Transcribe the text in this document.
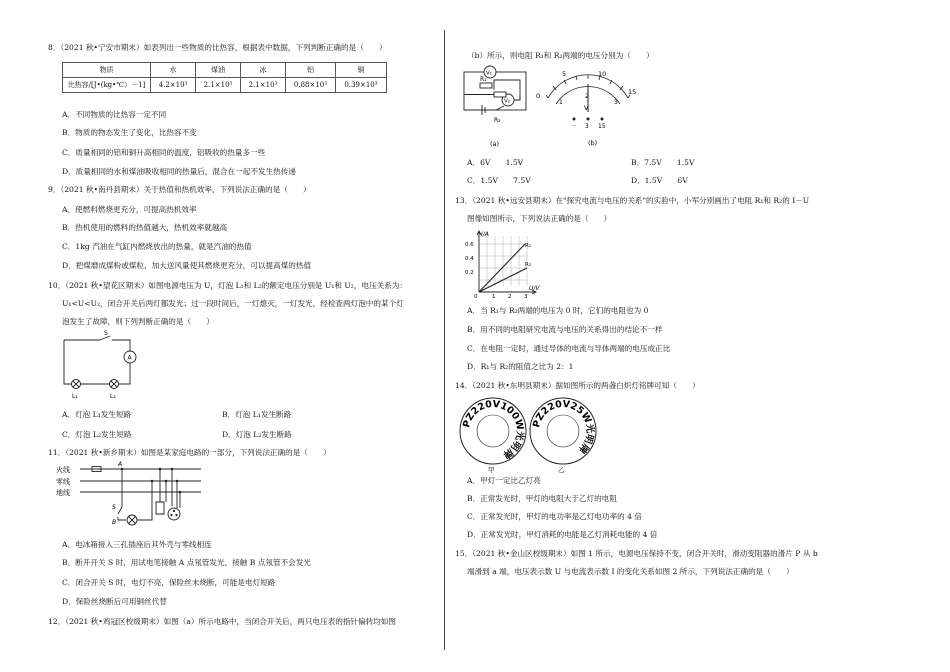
8．（2021 秋•宁安市期末）如表列出一些物质的比热容，根据表中数据，下列判断正确的是（　　）
物质	水	煤油	冰	铝	铜
比热容/[J•(kg•℃）－1]	4.2×10³	2.1×10³	2.1×10³	0.88×10³	0.39×10³
A．不同物质的比热容一定不同
B．物质的物态发生了变化，比热容不变
C．质量相同的铝和铜升高相同的温度，铝吸收的热量多一些
D．质量相同的水和煤油吸收相同的热量后，混合在一起不发生热传递
9．（2021 秋•南丹县期末）关于热值和热机效率，下列说法正确的是（　　）
A．使燃料燃烧更充分，可提高热机效率
B．热机使用的燃料的热值越大，热机效率就越高
C．1kg 汽油在气缸内燃烧放出的热量，就是汽油的热值
D．把煤磨成煤粉或煤粒，加大送风量使其燃烧更充分，可以提高煤的热值
10．（2021 秋•望花区期末）如图电源电压为 U，灯泡 L₁和 L₂的额定电压分别是 U₁和 U₂，电压关系为：
U₁<U<U₂，闭合开关后两灯都发光；过一段时间后，一灯熄灭，一灯发光，经检查两灯泡中的某个灯
泡发生了故障，则下列判断正确的是（　　）
S
A
L₁	L₂
A．灯泡 L₁发生短路	B．灯泡 L₁发生断路
C．灯泡 L₂发生短路	D．灯泡 L₂发生断路
11．（2021 秋•新乡期末）如图是某家庭电路的一部分，下列说法正确的是（　　）
火线
零线
地线
A
S
B
A．电冰箱接入三孔插座后其外壳与零线相连
B．断开开关 S 时，用试电笔接触 A 点氖管发光，接触 B 点氖管不会发光
C．闭合开关 S 时，电灯不亮，保险丝未烧断，可能是电灯短路
D．保险丝烧断后可用铜丝代替
12．（2021 秋•鸡冠区校级期末）如图（a）所示电路中，当闭合开关后，两只电压表的指针偏转均如图
（b）所示，则电阻 R₁和 R₂两端的电压分别为（　　）
V₁
V₂
R₁
R₂
(a)
5	10
0	15
1
2
3
V
－ 3 15
(b)
A．6V　　1.5V	B．7.5V　　1.5V
C．1.5V　　7.5V	D．1.5V　　6V
13．（2021 秋•远安县期末）在"探究电流与电压的关系"的实验中，小军分别画出了电阻 R₁和 R₂的 I－U
图像如图所示，下列说法正确的是（　　）
I/A
U/V
0.6
0.4
0.2
0	1 2 3
R₁
R₂
A．当 R₁与 R₂两端的电压为 0 时，它们的电阻也为 0
B．用不同的电阻研究电流与电压的关系得出的结论不一样
C．在电阻一定时，通过导体的电流与导体两端的电压成正比
D．R₁与 R₂的阻值之比为 2：1
14．（2021 秋•东明县期末）据如图所示的两盏白炽灯铭牌可知（　　）
PZ220V100W光明牌
PZ220V25W光明牌
甲	乙
A．甲灯一定比乙灯亮
B．正常发光时，甲灯的电阻大于乙灯的电阻
C．正常发光时，甲灯的电功率是乙灯电功率的 4 倍
D．正常发光时，甲灯消耗的电能是乙灯消耗电能的 4 倍
15．（2021 秋•金山区校级期末）如图 1 所示，电源电压保持不变，闭合开关时，滑动变阻器的滑片 P 从 b
端滑到 a 端，电压表示数 U 与电流表示数 I 的变化关系如图 2 所示，下列说法正确的是（　　）
